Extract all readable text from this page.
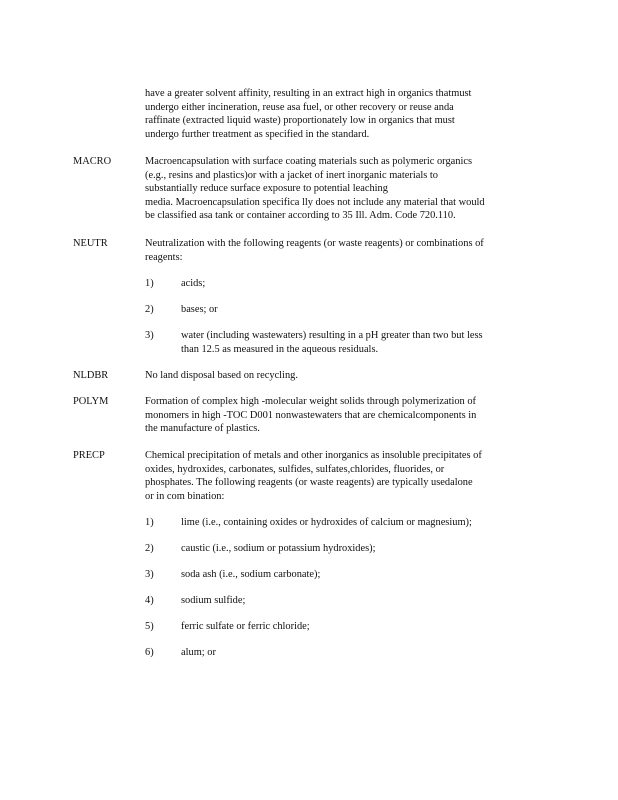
have a greater solvent affinity, resulting in an extract high in organics thatmust
undergo either incineration, reuse asa fuel, or other recovery or reuse anda
raffinate (extracted liquid waste) proportionately low in organics that must
undergo further treatment as specified in the standard.
MACRO	Macroencapsulation with surface coating materials such as polymeric organics
(e.g., resins and plastics)or with a jacket of inert inorganic materials to
substantially reduce surface exposure to potential leaching
media. Macroencapsulation specifica lly does not include any material that would
be classified asa tank or container according to 35 Ill. Adm. Code 720.110.
NEUTR	Neutralization with the following reagents (or waste reagents) or combinations of
reagents:
1)	acids;
2)	bases; or
3)	water (including wastewaters) resulting in a pH greater than two but less
than 12.5 as measured in the aqueous residuals.
NLDBR	No land disposal based on recycling.
POLYM	Formation of complex high -molecular weight solids through polymerization of
monomers in high -TOC D001 nonwastewaters that are chemicalcomponents in
the manufacture of plastics.
PRECP	Chemical precipitation of metals and other inorganics as insoluble precipitates of
oxides, hydroxides, carbonates, sulfides, sulfates,chlorides, fluorides, or
phosphates. The following reagents (or waste reagents) are typically usedalone
or in com bination:
1)	lime (i.e., containing oxides or hydroxides of calcium or magnesium);
2)	caustic (i.e., sodium or potassium hydroxides);
3)	soda ash (i.e., sodium carbonate);
4)	sodium sulfide;
5)	ferric sulfate or ferric chloride;
6)	alum; or
